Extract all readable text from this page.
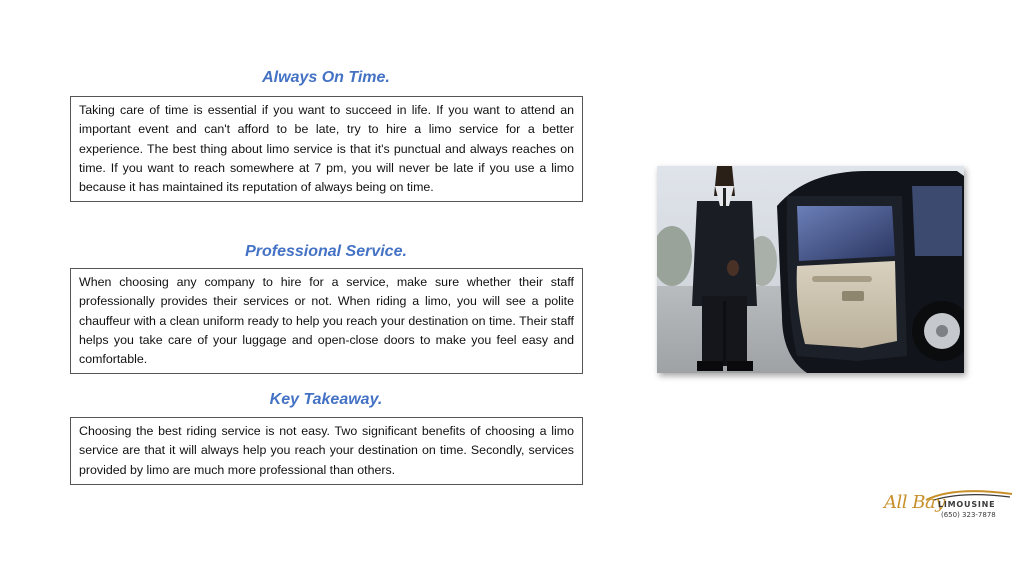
Always On Time.
Taking care of time is essential if you want to succeed in life. If you want to attend an important event and can't afford to be late, try to hire a limo service for a better experience. The best thing about limo service is that it's punctual and always reaches on time. If you want to reach somewhere at 7 pm, you will never be late if you use a limo because it has maintained its reputation of always being on time.
Professional Service.
When choosing any company to hire for a service, make sure whether their staff professionally provides their services or not. When riding a limo, you will see a polite chauffeur with a clean uniform ready to help you reach your destination on time. Their staff helps you take care of your luggage and open-close doors to make you feel easy and comfortable.
Key Takeaway.
Choosing the best riding service is not easy. Two significant benefits of choosing a limo service are that it will always help you reach your destination on time. Secondly, services provided by limo are much more professional than others.
All Bay
LIMOUSINE
(650) 323-7878
